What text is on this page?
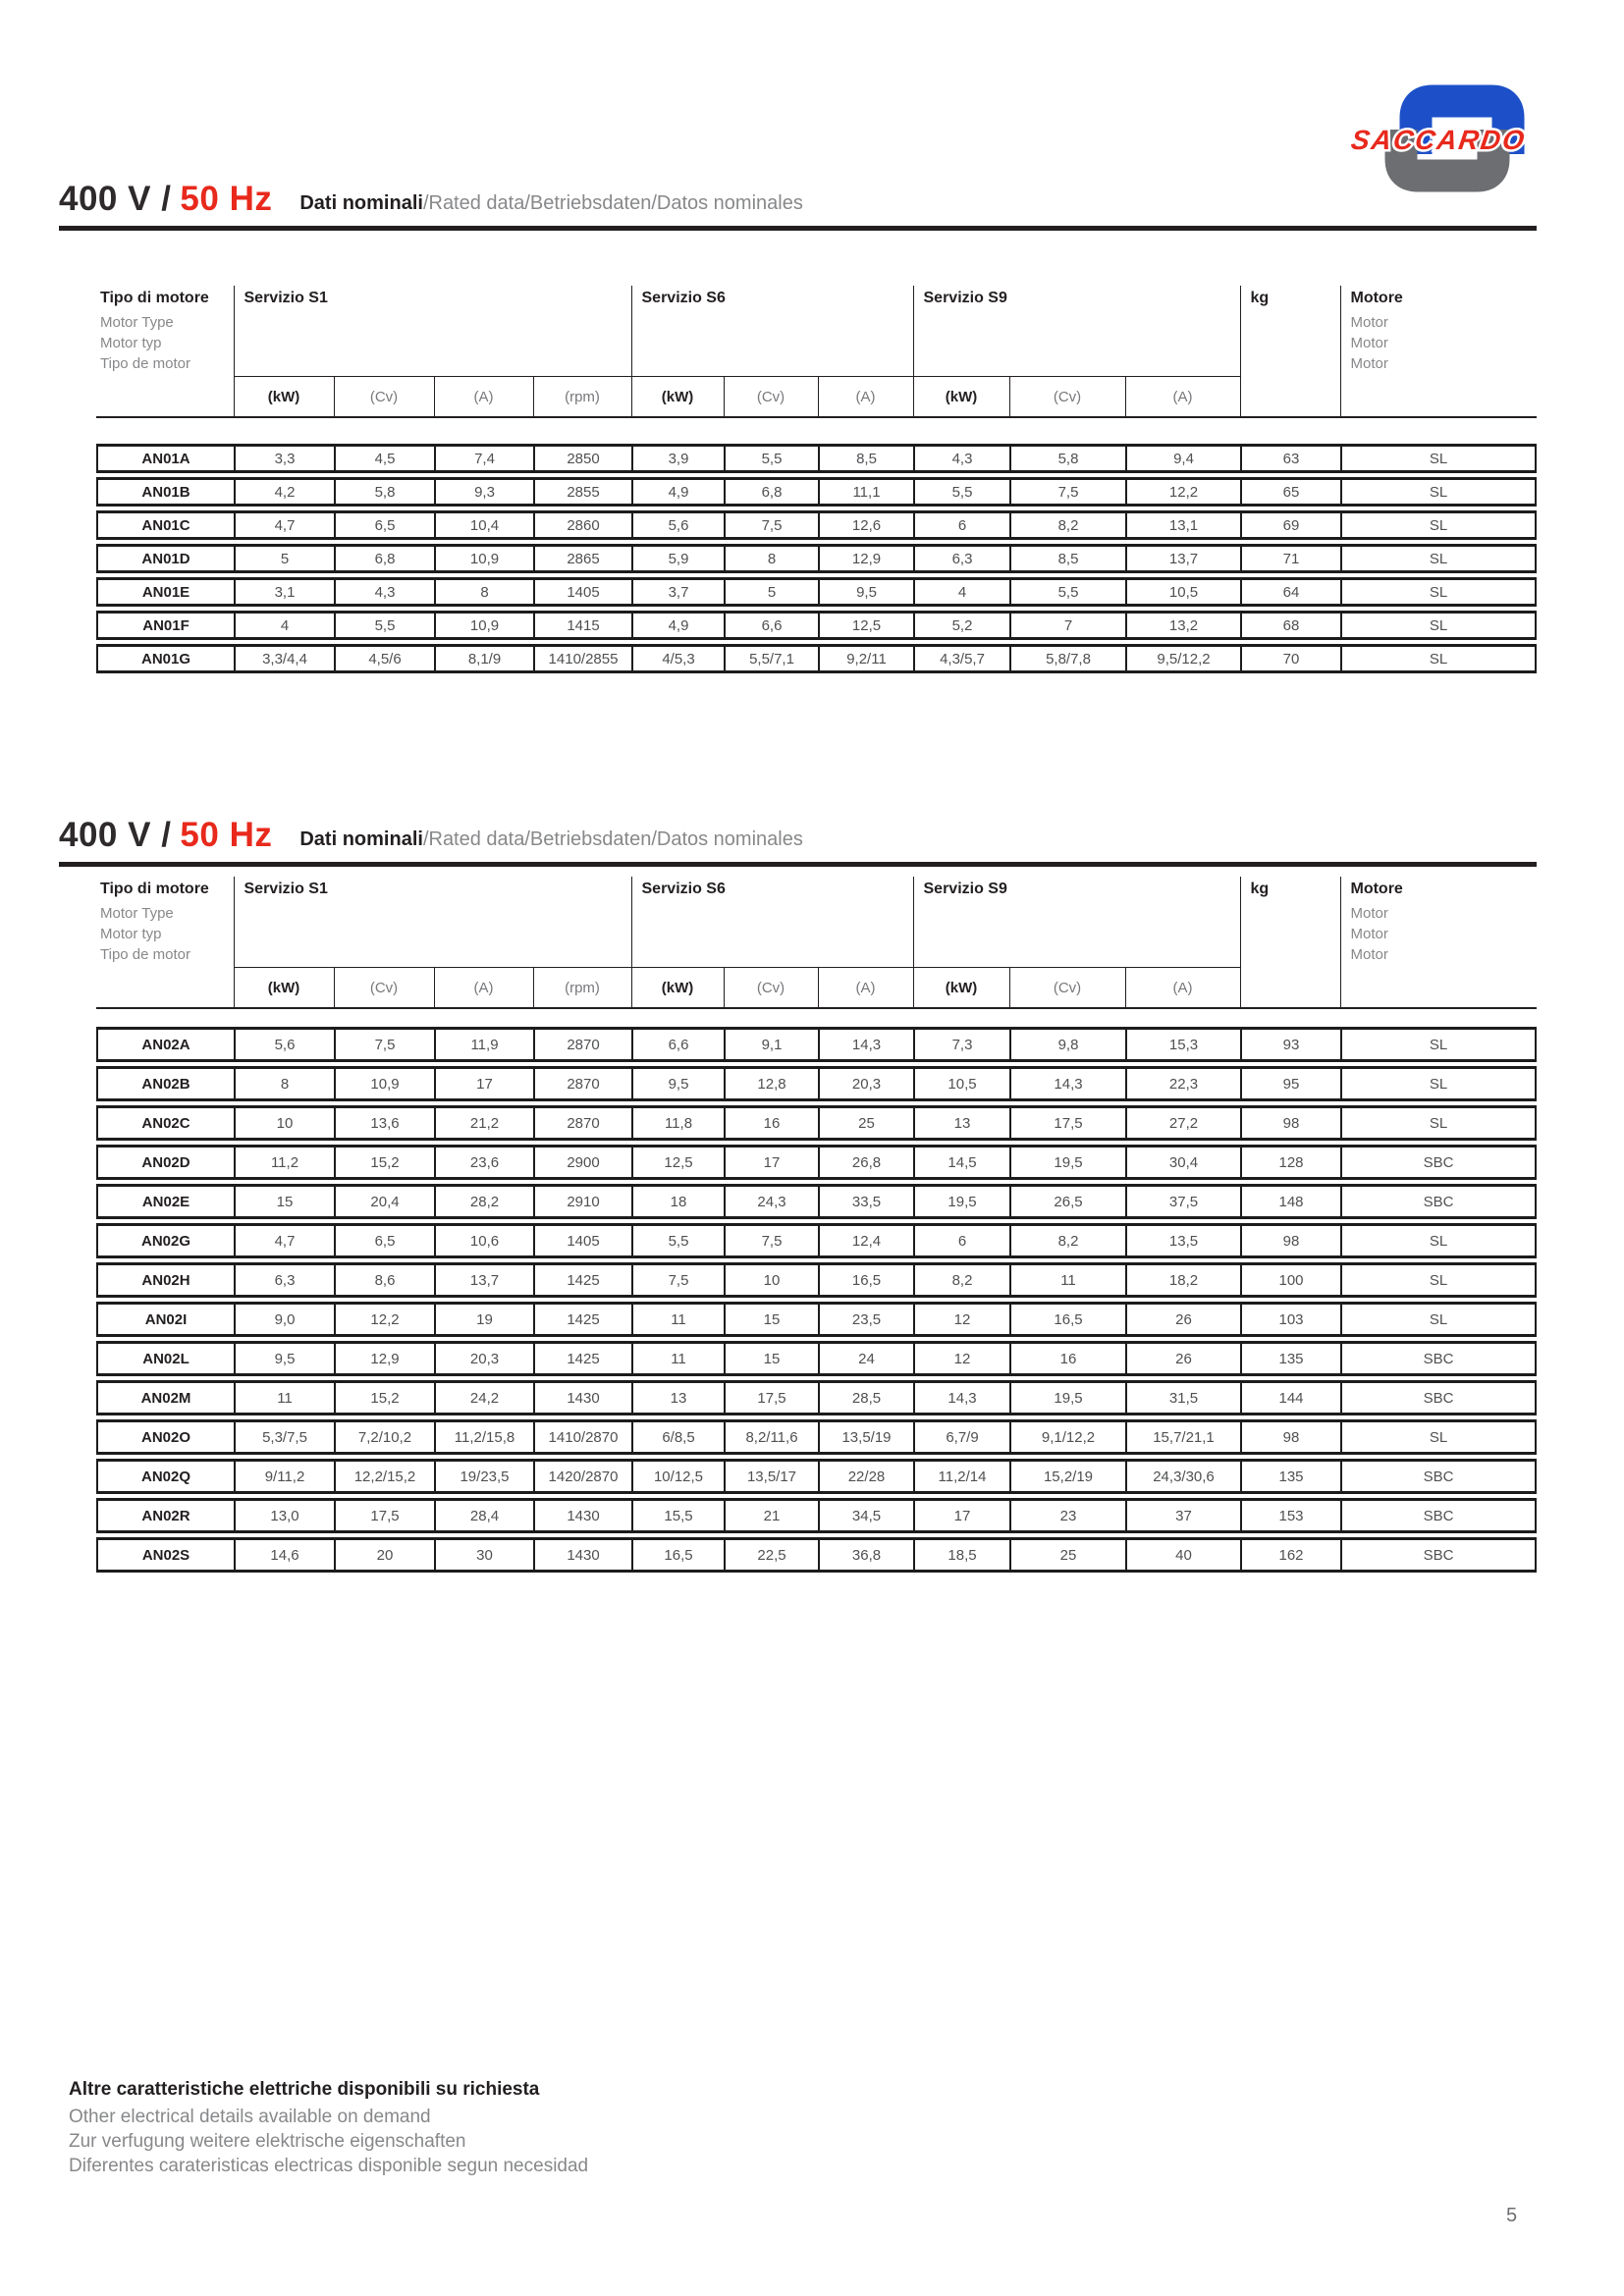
SACCARDO
400 V / 50 Hz Dati nominali/Rated data/Betriebsdaten/Datos nominales
Tipo di motore
Motor Type
Motor typ
Tipo de motor
	Servizio S1	Servizio S6	Servizio S9	kg	Motore
Motor
Motor
Motor

	(kW)	(Cv)	(A)	(rpm)	(kW)	(Cv)	(A)	(kW)	(Cv)	(A)		
AN01A	3,3	4,5	7,4	2850	3,9	5,5	8,5	4,3	5,8	9,4	63	SL
AN01B	4,2	5,8	9,3	2855	4,9	6,8	11,1	5,5	7,5	12,2	65	SL
AN01C	4,7	6,5	10,4	2860	5,6	7,5	12,6	6	8,2	13,1	69	SL
AN01D	5	6,8	10,9	2865	5,9	8	12,9	6,3	8,5	13,7	71	SL
AN01E	3,1	4,3	8	1405	3,7	5	9,5	4	5,5	10,5	64	SL
AN01F	4	5,5	10,9	1415	4,9	6,6	12,5	5,2	7	13,2	68	SL
AN01G	3,3/4,4	4,5/6	8,1/9	1410/2855	4/5,3	5,5/7,1	9,2/11	4,3/5,7	5,8/7,8	9,5/12,2	70	SL
400 V / 50 Hz Dati nominali/Rated data/Betriebsdaten/Datos nominales
Tipo di motore
Motor Type
Motor typ
Tipo de motor
	Servizio S1	Servizio S6	Servizio S9	kg	Motore
Motor
Motor
Motor

	(kW)	(Cv)	(A)	(rpm)	(kW)	(Cv)	(A)	(kW)	(Cv)	(A)		
AN02A	5,6	7,5	11,9	2870	6,6	9,1	14,3	7,3	9,8	15,3	93	SL
AN02B	8	10,9	17	2870	9,5	12,8	20,3	10,5	14,3	22,3	95	SL
AN02C	10	13,6	21,2	2870	11,8	16	25	13	17,5	27,2	98	SL
AN02D	11,2	15,2	23,6	2900	12,5	17	26,8	14,5	19,5	30,4	128	SBC
AN02E	15	20,4	28,2	2910	18	24,3	33,5	19,5	26,5	37,5	148	SBC
AN02G	4,7	6,5	10,6	1405	5,5	7,5	12,4	6	8,2	13,5	98	SL
AN02H	6,3	8,6	13,7	1425	7,5	10	16,5	8,2	11	18,2	100	SL
AN02I	9,0	12,2	19	1425	11	15	23,5	12	16,5	26	103	SL
AN02L	9,5	12,9	20,3	1425	11	15	24	12	16	26	135	SBC
AN02M	11	15,2	24,2	1430	13	17,5	28,5	14,3	19,5	31,5	144	SBC
AN02O	5,3/7,5	7,2/10,2	11,2/15,8	1410/2870	6/8,5	8,2/11,6	13,5/19	6,7/9	9,1/12,2	15,7/21,1	98	SL
AN02Q	9/11,2	12,2/15,2	19/23,5	1420/2870	10/12,5	13,5/17	22/28	11,2/14	15,2/19	24,3/30,6	135	SBC
AN02R	13,0	17,5	28,4	1430	15,5	21	34,5	17	23	37	153	SBC
AN02S	14,6	20	30	1430	16,5	22,5	36,8	18,5	25	40	162	SBC
Altre caratteristiche elettriche disponibili su richiesta
Other electrical details available on demand
Zur verfugung weitere elektrische eigenschaften
Diferentes carateristicas electricas disponible segun necesidad
5
